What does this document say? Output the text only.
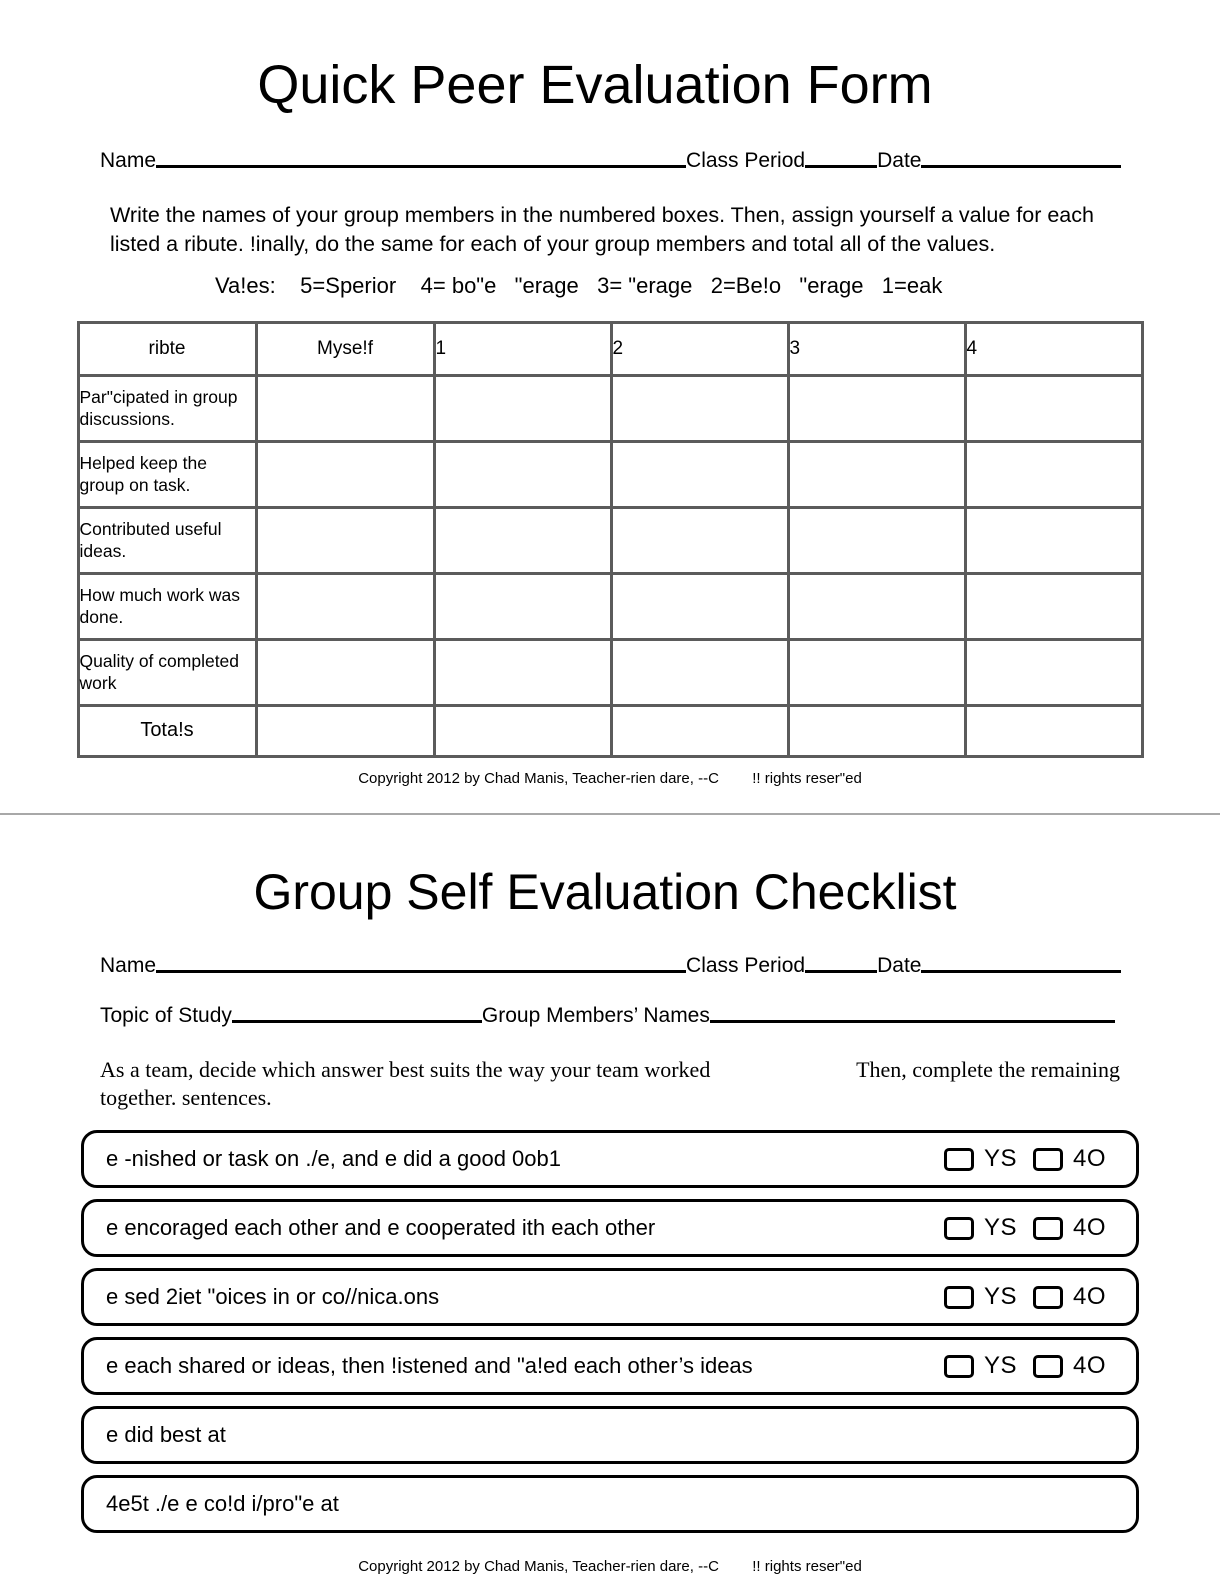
Quick Peer Evaluation Form
Name	Class Period	Date
Write the names of your group members in the numbered boxes. Then, assign yourself a value for each listed a ribute. !inally, do the same for each of your group members and total all of the values.
Va!es:    5=Sperior    4= bo"e   "erage   3= "erage   2=Be!o   "erage   1=eak
ribte	Myse!f	1	2	3	4
Par"cipated in group discussions.					
Helped keep the group on task.					
Contributed useful ideas.					
How much work was done.					
Quality of completed work					
Tota!s					
Copyright 2012 by Chad Manis, Teacher-rien dare, --C        !! rights reser"ed
Group Self Evaluation Checklist
Name	Class Period	Date
Topic of Study	Group Members’ Names
As a team, decide which answer best suits the way your team worked together. sentences.
Then, complete the remaining
e -nished or task on ./e, and e did a good 0ob1	YS 4O
e encoraged each other and e cooperated ith each other	YS 4O
e sed 2iet "oices in or co//nica.ons	YS 4O
e each shared or ideas, then !istened and "a!ed each other’s ideas	YS 4O
e did best at
4e5t ./e e co!d i/pro"e at
Copyright 2012 by Chad Manis, Teacher-rien dare, --C        !! rights reser"ed
